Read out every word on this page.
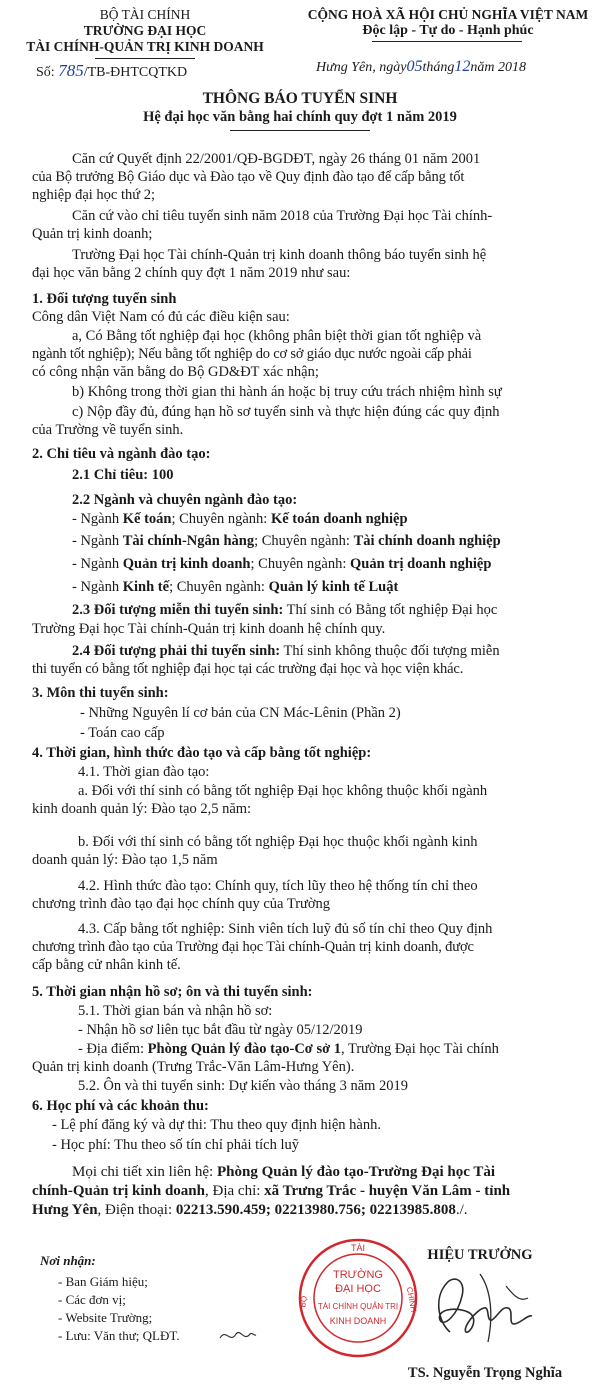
BỘ TÀI CHÍNH
TRƯỜNG ĐẠI HỌC
TÀI CHÍNH-QUẢN TRỊ KINH DOANH
Số: 785/TB-ĐHTCQTKD
CỘNG HOÀ XÃ HỘI CHỦ NGHĨA VIỆT NAM
Độc lập - Tự do - Hạnh phúc
Hưng Yên, ngày05tháng12năm 2018
THÔNG BÁO TUYỂN SINH
Hệ đại học văn bằng hai chính quy đợt 1 năm 2019
Căn cứ Quyết định 22/2001/QĐ-BGDĐT, ngày 26 tháng 01 năm 2001
của Bộ trưởng Bộ Giáo dục và Đào tạo về Quy định đào tạo để cấp bằng tốt
nghiệp đại học thứ 2;
Căn cứ vào chỉ tiêu tuyển sinh năm 2018 của Trường Đại học Tài chính-
Quản trị kinh doanh;
Trường Đại học Tài chính-Quản trị kinh doanh thông báo tuyển sinh hệ
đại học văn bằng 2 chính quy đợt 1 năm 2019 như sau:
1. Đối tượng tuyển sinh
Công dân Việt Nam có đủ các điều kiện sau:
a, Có Bằng tốt nghiệp đại học (không phân biệt thời gian tốt nghiệp và
ngành tốt nghiệp); Nếu bằng tốt nghiệp do cơ sở giáo dục nước ngoài cấp phải
có công nhận văn bằng do Bộ GD&ĐT xác nhận;
b) Không trong thời gian thi hành án hoặc bị truy cứu trách nhiệm hình sự
c) Nộp đầy đủ, đúng hạn hồ sơ tuyển sinh và thực hiện đúng các quy định
của Trường về tuyển sinh.
2. Chỉ tiêu và ngành đào tạo:
2.1 Chỉ tiêu: 100
2.2 Ngành và chuyên ngành đào tạo:
- Ngành Kế toán; Chuyên ngành: Kế toán doanh nghiệp
- Ngành Tài chính-Ngân hàng; Chuyên ngành: Tài chính doanh nghiệp
- Ngành Quản trị kinh doanh; Chuyên ngành: Quản trị doanh nghiệp
- Ngành Kinh tế; Chuyên ngành: Quản lý kinh tế Luật
2.3 Đối tượng miễn thi tuyển sinh: Thí sinh có Bằng tốt nghiệp Đại học
Trường Đại học Tài chính-Quản trị kinh doanh hệ chính quy.
2.4 Đối tượng phải thi tuyển sinh: Thí sinh không thuộc đối tượng miễn
thi tuyển có bằng tốt nghiệp đại học tại các trường đại học và học viện khác.
3. Môn thi tuyển sinh:
- Những Nguyên lí cơ bản của CN Mác-Lênin (Phần 2)
- Toán cao cấp
4. Thời gian, hình thức đào tạo và cấp bằng tốt nghiệp:
4.1. Thời gian đào tạo:
a. Đối với thí sinh có bằng tốt nghiệp Đại học không thuộc khối ngành
kinh doanh quản lý: Đào tạo 2,5 năm:
b. Đối với thí sinh có bằng tốt nghiệp Đại học thuộc khối ngành kinh
doanh quản lý: Đào tạo 1,5 năm
4.2. Hình thức đào tạo: Chính quy, tích lũy theo hệ thống tín chỉ theo
chương trình đào tạo đại học chính quy của Trường
4.3. Cấp bằng tốt nghiệp: Sinh viên tích luỹ đủ số tín chỉ theo Quy định
chương trình đào tạo của Trường đại học Tài chính-Quản trị kinh doanh, được
cấp bằng cử nhân kinh tế.
5. Thời gian nhận hồ sơ; ôn và thi tuyển sinh:
5.1. Thời gian bán và nhận hồ sơ:
- Nhận hồ sơ liên tục bắt đầu từ ngày 05/12/2019
- Địa điểm: Phòng Quản lý đào tạo-Cơ sở 1, Trường Đại học Tài chính
Quản trị kinh doanh (Trưng Trắc-Văn Lâm-Hưng Yên).
5.2. Ôn và thi tuyển sinh: Dự kiến vào tháng 3 năm 2019
6. Học phí và các khoản thu:
- Lệ phí đăng ký và dự thi: Thu theo quy định hiện hành.
- Học phí: Thu theo số tín chỉ phải tích luỹ
Mọi chi tiết xin liên hệ: Phòng Quản lý đào tạo-Trường Đại học Tài
chính-Quản trị kinh doanh, Địa chỉ: xã Trưng Trắc - huyện Văn Lâm - tỉnh
Hưng Yên, Điện thoại: 02213.590.459; 02213980.756; 02213985.808./.
Nơi nhận:
- Ban Giám hiệu;
- Các đơn vị;
- Website Trường;
- Lưu: Văn thư; QLĐT.
HIỆU TRƯỞNG
TÀI
BỘ	CHÍNH
TRƯỜNG
ĐẠI HỌC
TÀI CHÍNH QUẢN TRỊ
KINH DOANH
TS. Nguyễn Trọng Nghĩa
